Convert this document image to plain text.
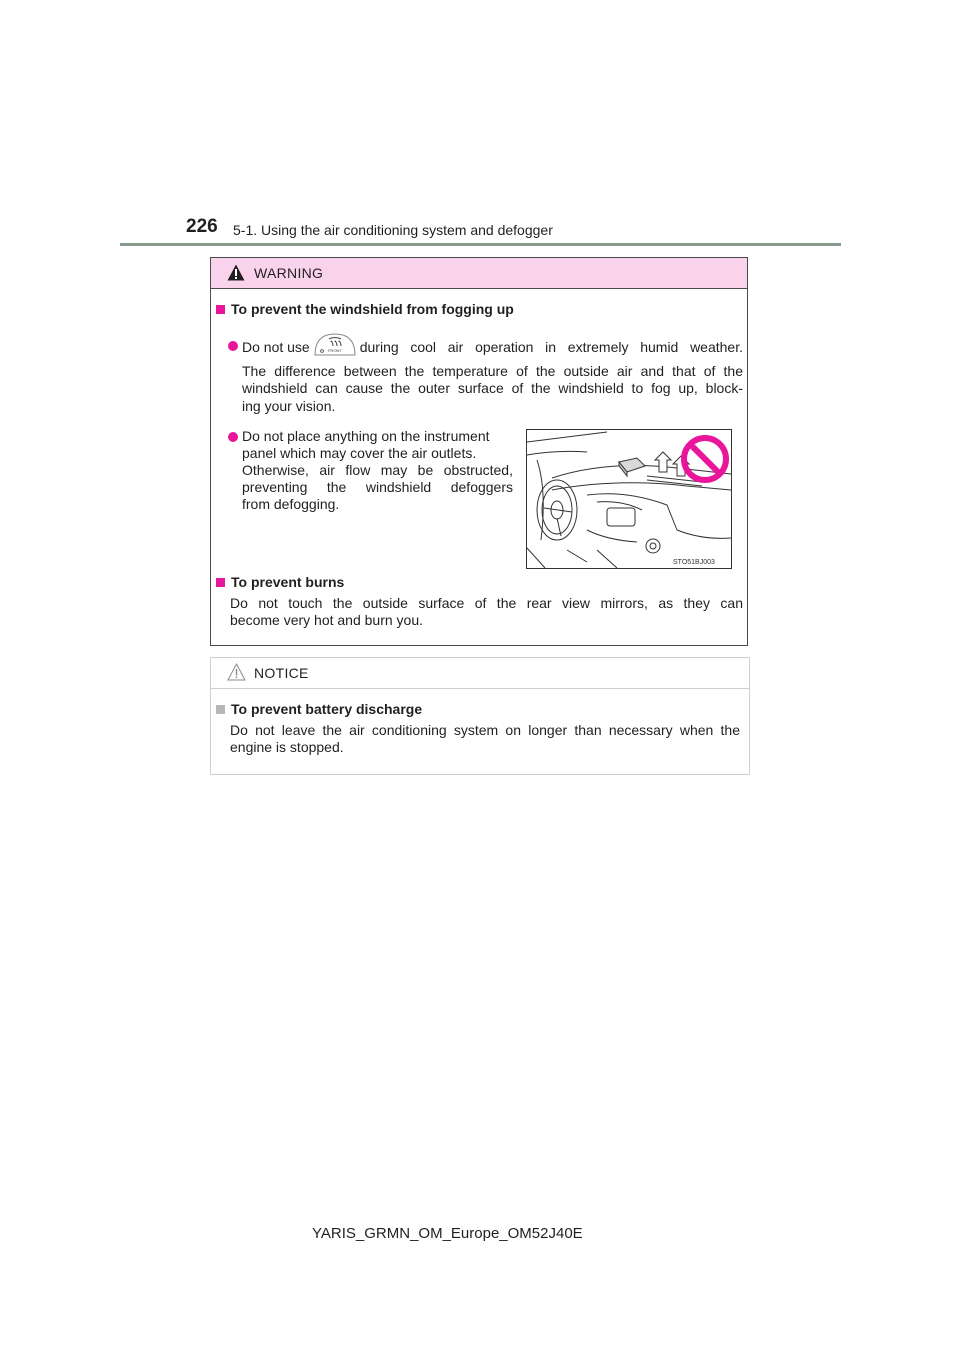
226 5-1. Using the air conditioning system and defogger
WARNING
To prevent the windshield from fogging up
Do not use	FRONT during cool air operation in extremely humid weather.
The difference between the temperature of the outside air and that of the
windshield can cause the outer surface of the windshield to fog up, block-
ing your vision.
Do not place anything on the instrument
panel which may cover the air outlets.
Otherwise, air flow may be obstructed,
preventing the windshield defoggers
from defogging.
STO51BJ003
To prevent burns
Do not touch the outside surface of the rear view mirrors, as they can
become very hot and burn you.
NOTICE
To prevent battery discharge
Do not leave the air conditioning system on longer than necessary when the
engine is stopped.
YARIS_GRMN_OM_Europe_OM52J40E
